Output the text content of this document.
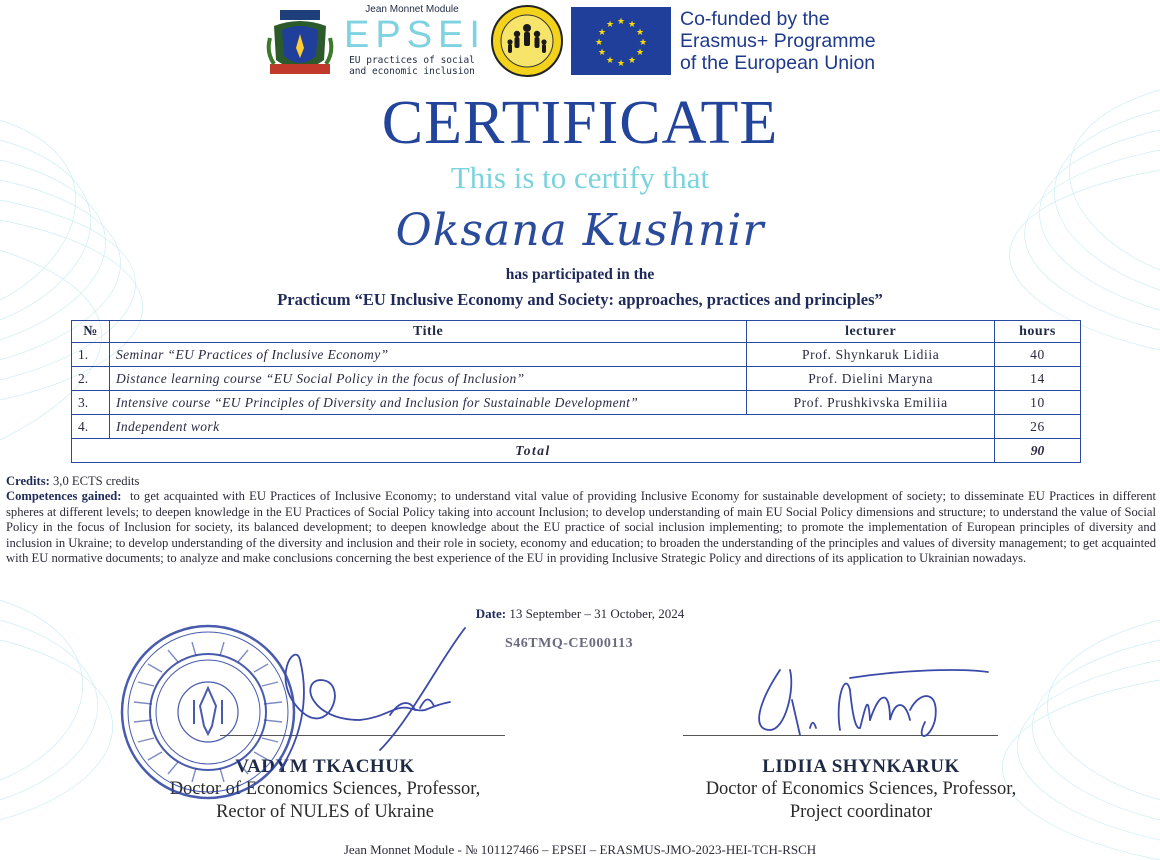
Jean Monnet Module
EPSEI
EU practices of social
and economic inclusion
★ ★
★
★
★
★
★
★
★
★
★
★	Co-funded by the
Erasmus+ Programme
of the European Union
CERTIFICATE
This is to certify that
Oksana Kushnir
has participated in the
Practicum “EU Inclusive Economy and Society: approaches, practices and principles”
№	Title	lecturer	hours
1.	Seminar “EU Practices of Inclusive Economy”	Prof. Shynkaruk Lidiia	40
2.	Distance learning course “EU Social Policy in the focus of Inclusion”	Prof. Dielini Maryna	14
3.	Intensive course “EU Principles of Diversity and Inclusion for Sustainable Development”	Prof. Prushkivska Emiliia	10
4.	Independent work		26
Total			90
Credits: 3,0 ECTS credits
Competences gained: to get acquainted with EU Practices of Inclusive Economy; to understand vital value of providing Inclusive Economy for sustainable development of society; to disseminate EU Practices in different spheres at different levels; to deepen knowledge in the EU Practices of Social Policy taking into account Inclusion; to develop understanding of main EU Social Policy dimensions and structure; to understand the value of Social Policy in the focus of Inclusion for society, its balanced development; to deepen knowledge about the EU practice of social inclusion implementing; to promote the implementation of European principles of diversity and inclusion in Ukraine; to develop understanding of the diversity and inclusion and their role in society, economy and education; to broaden the understanding of the principles and values of diversity management; to get acquainted with EU normative documents; to analyze and make conclusions concerning the best experience of the EU in providing Inclusive Strategic Policy and directions of its application to Ukrainian nowadays.
Date: 13 September – 31 October, 2024
S46TMQ-CE000113
VADYM TKACHUK
Doctor of Economics Sciences, Professor,
Rector of NULES of Ukraine
LIDIIA SHYNKARUK
Doctor of Economics Sciences, Professor,
Project coordinator
Jean Monnet Module - № 101127466 – EPSEI – ERASMUS-JMO-2023-HEI-TCH-RSCH
